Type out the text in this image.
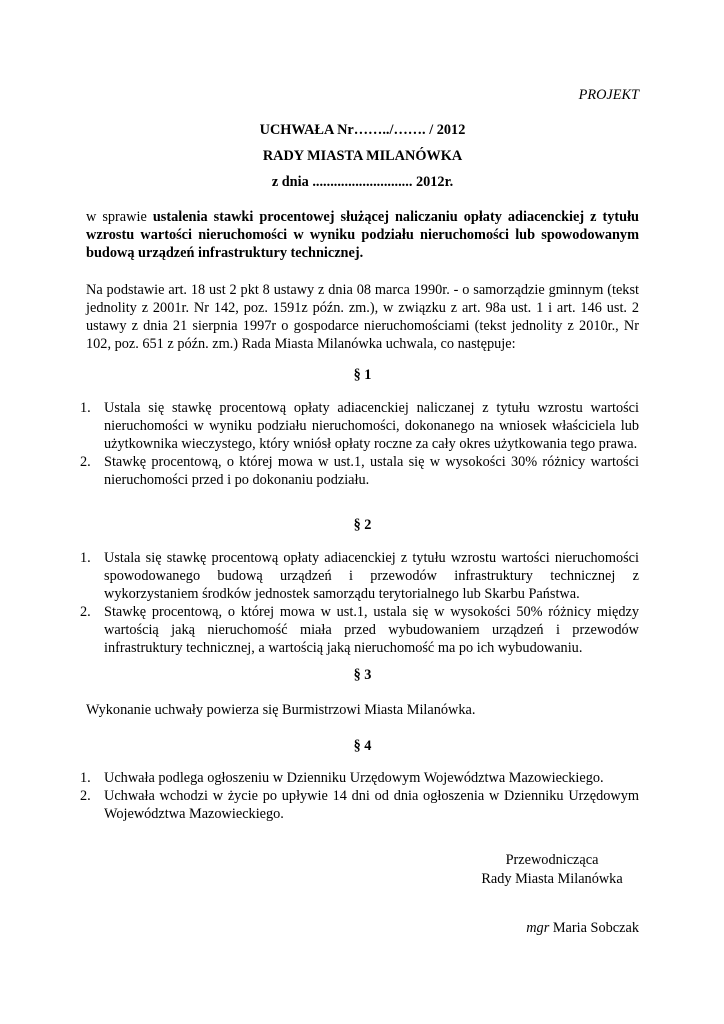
PROJEKT
UCHWAŁA Nr……../……. / 2012
RADY MIASTA MILANÓWKA
z dnia ............................ 2012r.
w sprawie ustalenia stawki procentowej służącej naliczaniu opłaty adiacenckiej z tytułu wzrostu wartości nieruchomości w wyniku podziału nieruchomości lub spowodowanym budową urządzeń infrastruktury technicznej.
Na podstawie art. 18 ust 2 pkt 8 ustawy z dnia 08 marca 1990r. - o samorządzie gminnym (tekst jednolity z 2001r. Nr 142, poz. 1591z późn. zm.), w związku z art. 98a ust. 1 i art. 146 ust. 2 ustawy z dnia 21 sierpnia 1997r o gospodarce nieruchomościami (tekst jednolity z 2010r., Nr 102, poz. 651 z późn. zm.) Rada Miasta Milanówka uchwala, co następuje:
§ 1
1. Ustala się stawkę procentową opłaty adiacenckiej naliczanej z tytułu wzrostu wartości nieruchomości w wyniku podziału nieruchomości, dokonanego na wniosek właściciela lub użytkownika wieczystego, który wniósł opłaty roczne za cały okres użytkowania tego prawa.
2. Stawkę procentową, o której mowa w ust.1, ustala się w wysokości 30% różnicy wartości nieruchomości przed i po dokonaniu podziału.
§ 2
1. Ustala się stawkę procentową opłaty adiacenckiej z tytułu wzrostu wartości nieruchomości spowodowanego budową urządzeń i przewodów infrastruktury technicznej z wykorzystaniem środków jednostek samorządu terytorialnego lub Skarbu Państwa.
2. Stawkę procentową, o której mowa w ust.1, ustala się w wysokości 50% różnicy między wartością jaką nieruchomość miała przed wybudowaniem urządzeń i przewodów infrastruktury technicznej, a wartością jaką nieruchomość ma po ich wybudowaniu.
§ 3
Wykonanie uchwały powierza się Burmistrzowi Miasta Milanówka.
§ 4
1. Uchwała podlega ogłoszeniu w Dzienniku Urzędowym Województwa Mazowieckiego.
2. Uchwała wchodzi w życie po upływie 14 dni od dnia ogłoszenia w Dzienniku Urzędowym Województwa Mazowieckiego.
Przewodnicząca
Rady Miasta Milanówka
mgr Maria Sobczak
